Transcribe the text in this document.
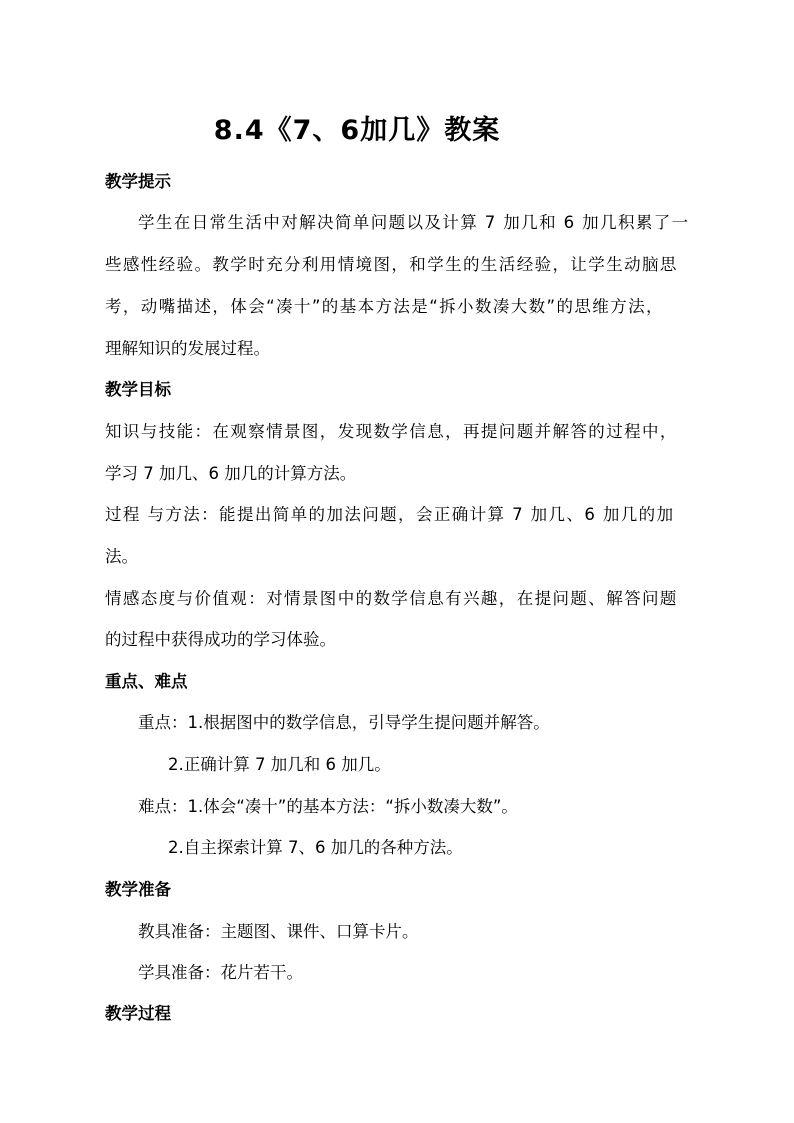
8.4《7、6加几》教案
教学提示
学生在日常生活中对解决简单问题以及计算 7 加几和 6 加几积累了一
些感性经验。教学时充分利用情境图，和学生的生活经验，让学生动脑思
考，动嘴描述，体会“凑十”的基本方法是“拆小数凑大数”的思维方法，
理解知识的发展过程。
教学目标
知识与技能：在观察情景图，发现数学信息，再提问题并解答的过程中，
学习 7 加几、6 加几的计算方法。
过程 与方法：能提出简单的加法问题，会正确计算 7 加几、6 加几的加
法。
情感态度与价值观：对情景图中的数学信息有兴趣，在提问题、解答问题
的过程中获得成功的学习体验。
重点、难点
重点：1.根据图中的数学信息，引导学生提问题并解答。
2.正确计算 7 加几和 6 加几。
难点：1.体会“凑十”的基本方法：“拆小数凑大数”。
2.自主探索计算 7、6 加几的各种方法。
教学准备
教具准备：主题图、课件、口算卡片。
学具准备：花片若干。
教学过程
